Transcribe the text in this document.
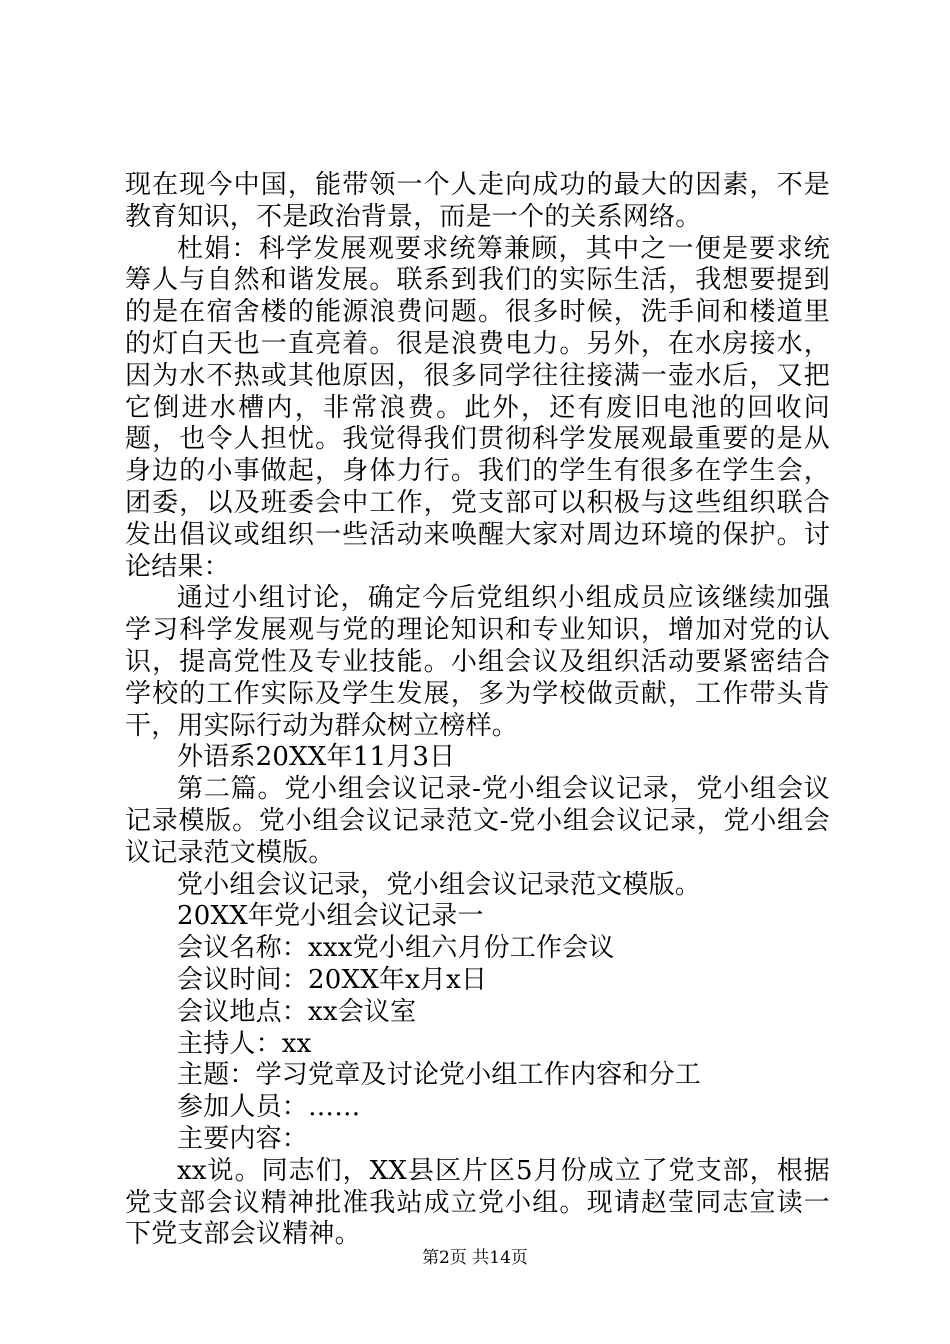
现在现今中国，能带领一个人走向成功的最大的因素，不是教育知识，不是政治背景，而是一个的关系网络。

杜娟：科学发展观要求统筹兼顾，其中之一便是要求统筹人与自然和谐发展。联系到我们的实际生活，我想要提到的是在宿舍楼的能源浪费问题。很多时候，洗手间和楼道里的灯白天也一直亮着。很是浪费电力。另外，在水房接水，因为水不热或其他原因，很多同学往往接满一壶水后，又把它倒进水槽内，非常浪费。此外，还有废旧电池的回收问题，也令人担忧。我觉得我们贯彻科学发展观最重要的是从身边的小事做起，身体力行。我们的学生有很多在学生会，团委，以及班委会中工作，党支部可以积极与这些组织联合发出倡议或组织一些活动来唤醒大家对周边环境的保护。讨论结果：

通过小组讨论，确定今后党组织小组成员应该继续加强学习科学发展观与党的理论知识和专业知识，增加对党的认识，提高党性及专业技能。小组会议及组织活动要紧密结合学校的工作实际及学生发展，多为学校做贡献，工作带头肯干，用实际行动为群众树立榜样。

外语系20XX年11月3日

第二篇。党小组会议记录-党小组会议记录，党小组会议记录模版。党小组会议记录范文-党小组会议记录，党小组会议记录范文模版。

党小组会议记录，党小组会议记录范文模版。

20XX年党小组会议记录一

会议名称：xxx党小组六月份工作会议

会议时间：20XX年x月x日

会议地点：xx会议室

主持人：xx

主题：学习党章及讨论党小组工作内容和分工

参加人员：……

主要内容：

xx说。同志们，XX县区片区5月份成立了党支部，根据党支部会议精神批准我站成立党小组。现请赵莹同志宣读一下党支部会议精神。

第2页 共14页
